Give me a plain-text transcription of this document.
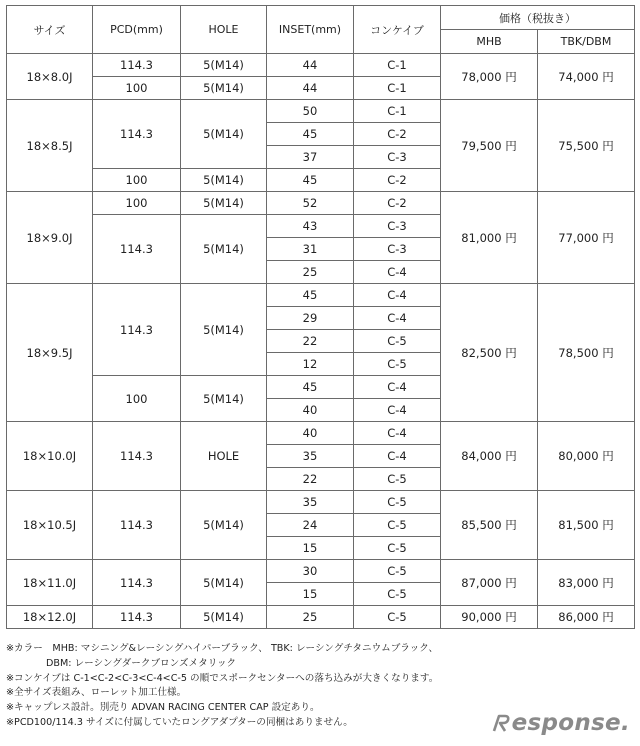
サイズ	PCD(mm)	HOLE	INSET(mm)	コンケイブ	価格（税抜き）	
					MHB	TBK/DBM
18×8.0J	114.3	5(M14)	44	C-1	78,000 円	74,000 円
	100	5(M14)	44	C-1		
18×8.5J	114.3	5(M14)	50	C-1	79,500 円	75,500 円
			45	C-2		
			37	C-3		
	100	5(M14)	45	C-2		
18×9.0J	100	5(M14)	52	C-2	81,000 円	77,000 円
	114.3	5(M14)	43	C-3		
			31	C-3		
			25	C-4		
18×9.5J	114.3	5(M14)	45	C-4	82,500 円	78,500 円
			29	C-4		
			22	C-5		
			12	C-5		
	100	5(M14)	45	C-4		
			40	C-4		
18×10.0J	114.3	HOLE	40	C-4	84,000 円	80,000 円
			35	C-4		
			22	C-5		
18×10.5J	114.3	5(M14)	35	C-5	85,500 円	81,500 円
			24	C-5		
			15	C-5		
18×11.0J	114.3	5(M14)	30	C-5	87,000 円	83,000 円
			15	C-5		
18×12.0J	114.3	5(M14)	25	C-5	90,000 円	86,000 円
※カラー　MHB: マシニング&レーシングハイパーブラック、 TBK: レーシングチタニウムブラック、
DBM: レーシングダークブロンズメタリック
※コンケイブは C-1<C-2<C-3<C-4<C-5 の順でスポークセンターへの落ち込みが大きくなります。
※全サイズ表組み、ローレット加工仕様。
※キャップレス設計。別売り ADVAN RACING CENTER CAP 設定あり。
※PCD100/114.3 サイズに付属していたロングアダプターの同梱はありません。	esponse.
